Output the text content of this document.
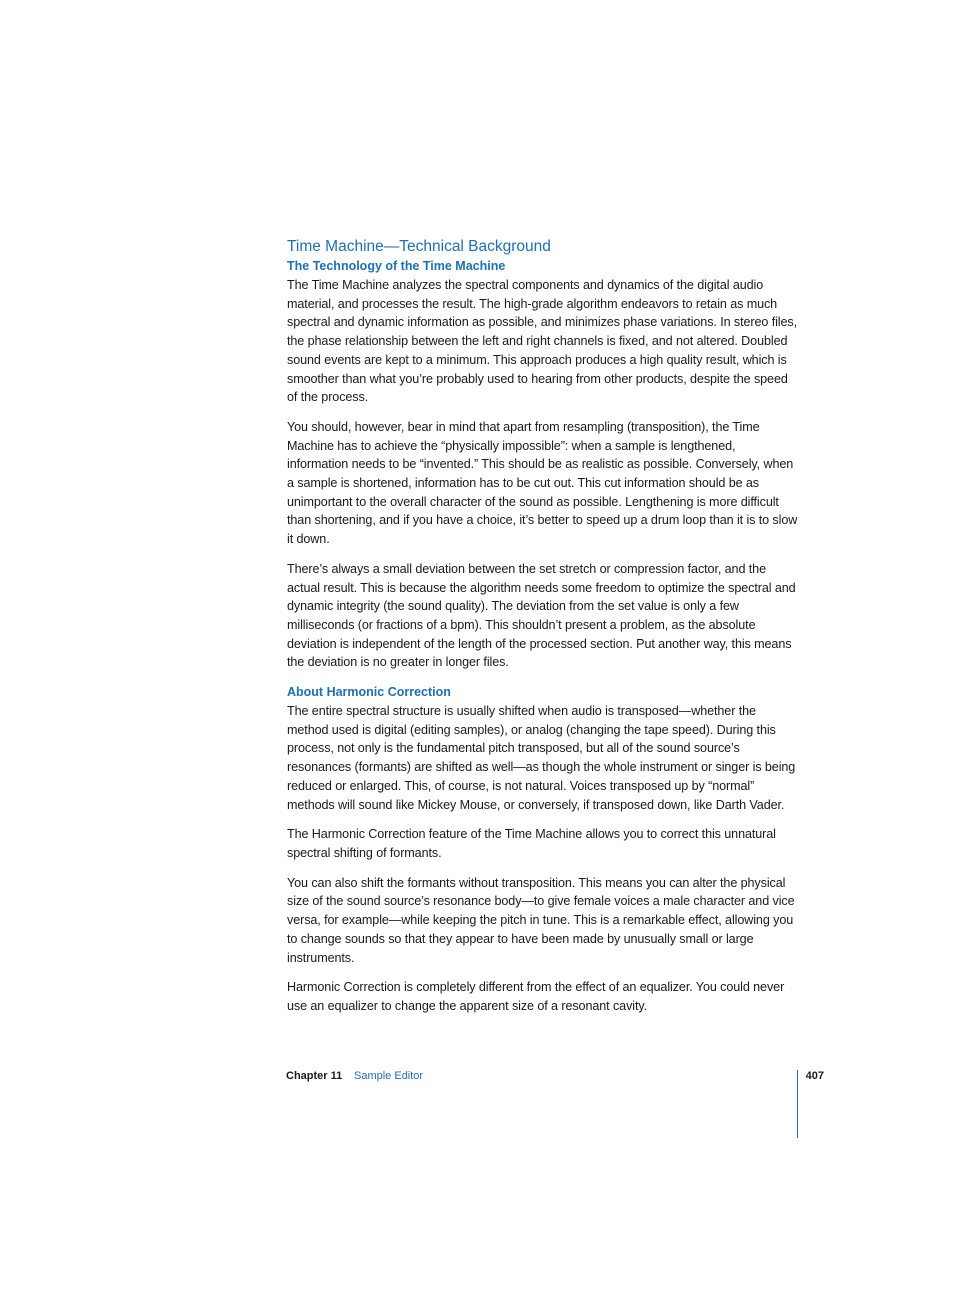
Time Machine—Technical Background
The Technology of the Time Machine

The Time Machine analyzes the spectral components and dynamics of the digital audio material, and processes the result. The high-grade algorithm endeavors to retain as much spectral and dynamic information as possible, and minimizes phase variations. In stereo files, the phase relationship between the left and right channels is fixed, and not altered. Doubled sound events are kept to a minimum. This approach produces a high quality result, which is smoother than what you’re probably used to hearing from other products, despite the speed of the process.

You should, however, bear in mind that apart from resampling (transposition), the Time Machine has to achieve the “physically impossible”: when a sample is lengthened, information needs to be “invented.” This should be as realistic as possible. Conversely, when a sample is shortened, information has to be cut out. This cut information should be as unimportant to the overall character of the sound as possible. Lengthening is more difficult than shortening, and if you have a choice, it’s better to speed up a drum loop than it is to slow it down.

There’s always a small deviation between the set stretch or compression factor, and the actual result. This is because the algorithm needs some freedom to optimize the spectral and dynamic integrity (the sound quality). The deviation from the set value is only a few milliseconds (or fractions of a bpm). This shouldn’t present a problem, as the absolute deviation is independent of the length of the processed section. Put another way, this means the deviation is no greater in longer files.

About Harmonic Correction

The entire spectral structure is usually shifted when audio is transposed—whether the method used is digital (editing samples), or analog (changing the tape speed). During this process, not only is the fundamental pitch transposed, but all of the sound source’s resonances (formants) are shifted as well—as though the whole instrument or singer is being reduced or enlarged. This, of course, is not natural. Voices transposed up by “normal” methods will sound like Mickey Mouse, or conversely, if transposed down, like Darth Vader.

The Harmonic Correction feature of the Time Machine allows you to correct this unnatural spectral shifting of formants.

You can also shift the formants without transposition. This means you can alter the physical size of the sound source’s resonance body—to give female voices a male character and vice versa, for example—while keeping the pitch in tune. This is a remarkable effect, allowing you to change sounds so that they appear to have been made by unusually small or large instruments.

Harmonic Correction is completely different from the effect of an equalizer. You could never use an equalizer to change the apparent size of a resonant cavity.

Chapter 11 Sample Editor	407
